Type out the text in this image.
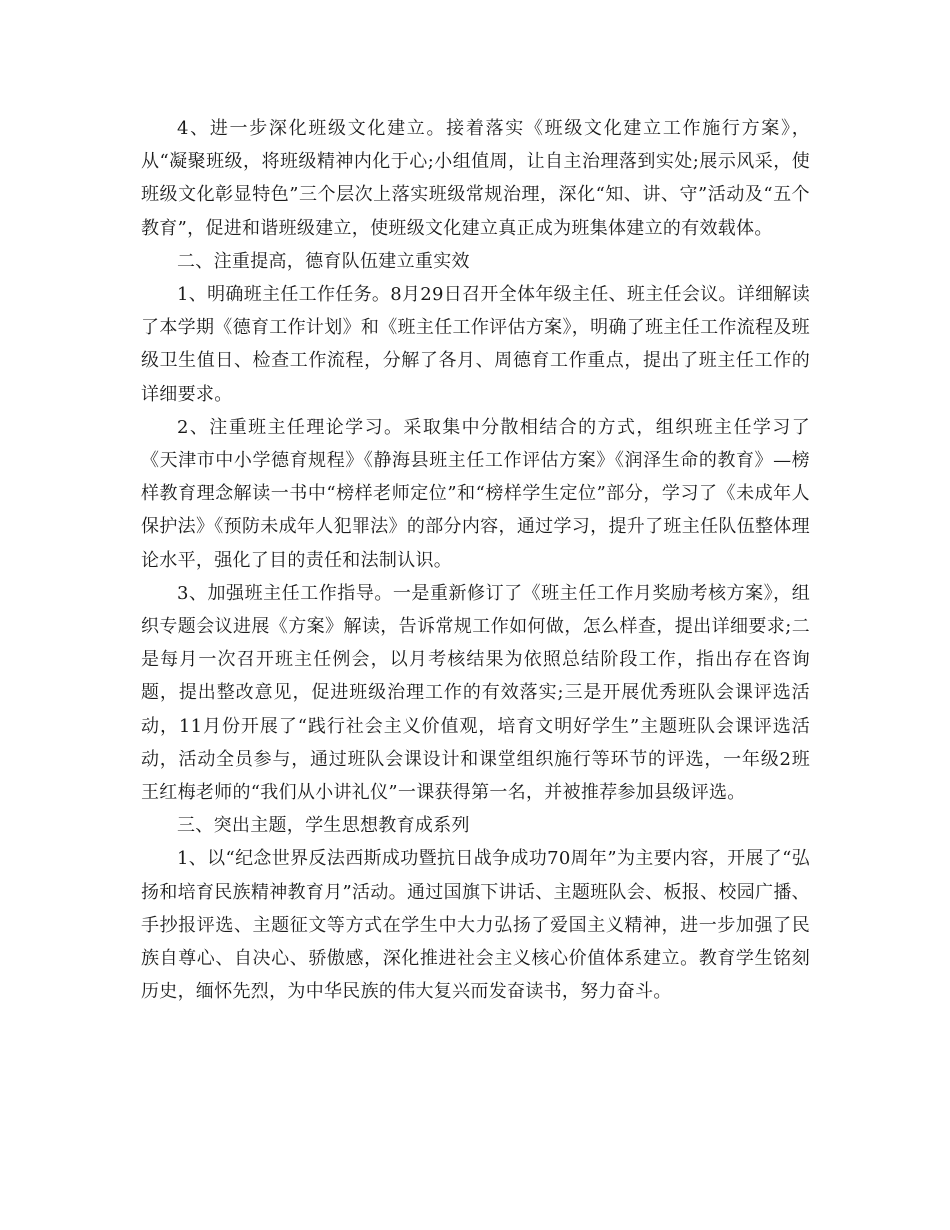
4、进一步深化班级文化建立。接着落实《班级文化建立工作施行方案》，从“凝聚班级，将班级精神内化于心;小组值周，让自主治理落到实处;展示风采，使班级文化彰显特色”三个层次上落实班级常规治理，深化“知、讲、守”活动及“五个教育”，促进和谐班级建立，使班级文化建立真正成为班集体建立的有效载体。

二、注重提高，德育队伍建立重实效

1、明确班主任工作任务。8月29日召开全体年级主任、班主任会议。详细解读了本学期《德育工作计划》和《班主任工作评估方案》，明确了班主任工作流程及班级卫生值日、检查工作流程，分解了各月、周德育工作重点，提出了班主任工作的详细要求。

2、注重班主任理论学习。采取集中分散相结合的方式，组织班主任学习了《天津市中小学德育规程》《静海县班主任工作评估方案》《润泽生命的教育》—榜样教育理念解读一书中“榜样老师定位”和“榜样学生定位”部分，学习了《未成年人保护法》《预防未成年人犯罪法》的部分内容，通过学习，提升了班主任队伍整体理论水平，强化了目的责任和法制认识。

3、加强班主任工作指导。一是重新修订了《班主任工作月奖励考核方案》，组织专题会议进展《方案》解读，告诉常规工作如何做，怎么样查，提出详细要求;二是每月一次召开班主任例会，以月考核结果为依照总结阶段工作，指出存在咨询题，提出整改意见，促进班级治理工作的有效落实;三是开展优秀班队会课评选活动，11月份开展了“践行社会主义价值观，培育文明好学生”主题班队会课评选活动，活动全员参与，通过班队会课设计和课堂组织施行等环节的评选，一年级2班王红梅老师的“我们从小讲礼仪”一课获得第一名，并被推荐参加县级评选。

三、突出主题，学生思想教育成系列

1、以“纪念世界反法西斯成功暨抗日战争成功70周年”为主要内容，开展了“弘扬和培育民族精神教育月”活动。通过国旗下讲话、主题班队会、板报、校园广播、手抄报评选、主题征文等方式在学生中大力弘扬了爱国主义精神，进一步加强了民族自尊心、自决心、骄傲感，深化推进社会主义核心价值体系建立。教育学生铭刻历史，缅怀先烈，为中华民族的伟大复兴而发奋读书，努力奋斗。
